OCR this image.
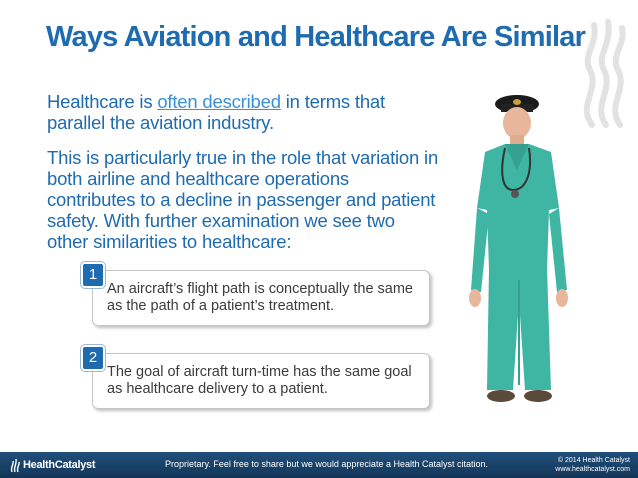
Ways Aviation and Healthcare Are Similar

Healthcare is often described in terms that parallel the aviation industry.

This is particularly true in the role that variation in both airline and healthcare operations contributes to a decline in passenger and patient safety. With further examination we see two other similarities to healthcare:

An aircraft’s flight path is conceptually the same as the path of a patient’s treatment.
1
The goal of aircraft turn-time has the same goal as healthcare delivery to a patient.
2
HealthCatalyst	Proprietary. Feel free to share but we would appreciate a Health Catalyst citation.	© 2014 Health Catalyst
www.healthcatalyst.com
